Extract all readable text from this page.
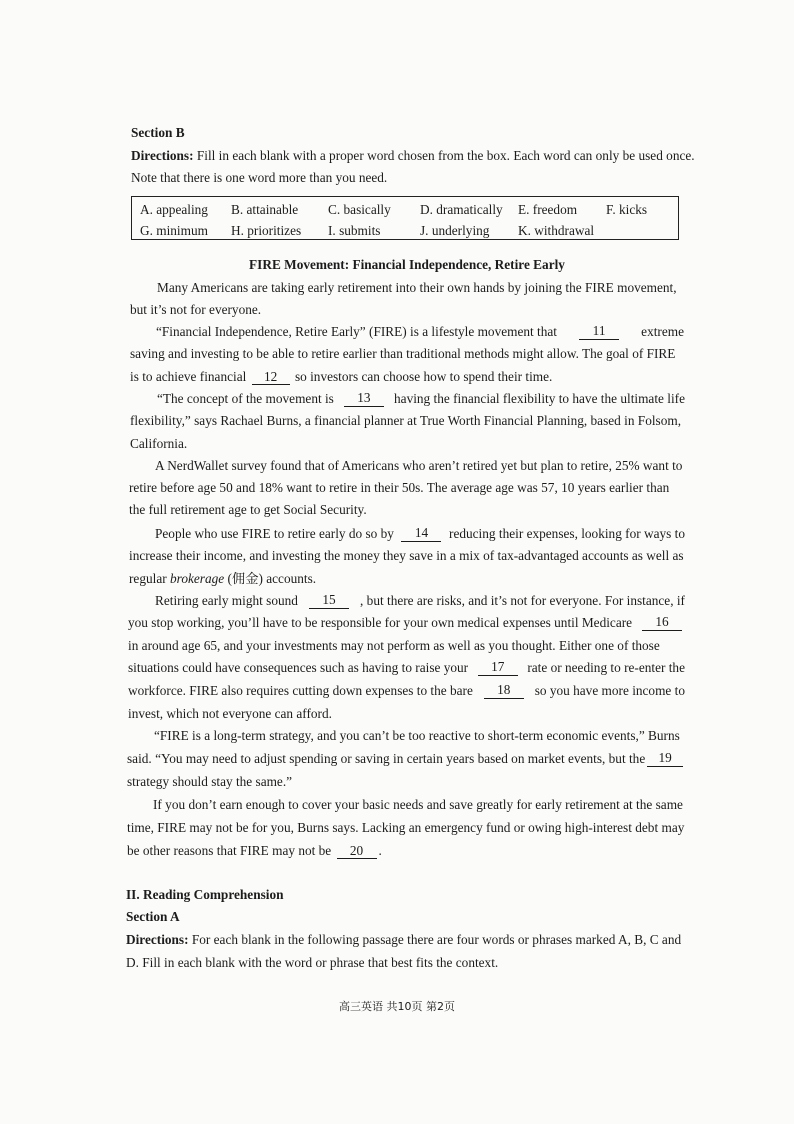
Section B
Directions: Fill in each blank with a proper word chosen from the box. Each word can only be used once.
Note that there is one word more than you need.
A. appealing B. attainable C. basically D. dramatically E. freedom F. kicks
G. minimum H. prioritizes I. submits	J. underlying K. withdrawal
FIRE Movement: Financial Independence, Retire Early
Many Americans are taking early retirement into their own hands by joining the FIRE movement,
but it’s not for everyone.
“Financial Independence, Retire Early” (FIRE) is a lifestyle movement that	11	extreme
saving and investing to be able to retire earlier than traditional methods might allow. The goal of FIRE
is to achieve financial 12 so investors can choose how to spend their time.
“The concept of the movement is	13	having the financial flexibility to have the ultimate life
flexibility,” says Rachael Burns, a financial planner at True Worth Financial Planning, based in Folsom,
California.
A NerdWallet survey found that of Americans who aren’t retired yet but plan to retire, 25% want to
retire before age 50 and 18% want to retire in their 50s. The average age was 57, 10 years earlier than
the full retirement age to get Social Security.
People who use FIRE to retire early do so by	14	reducing their expenses, looking for ways to
increase their income, and investing the money they save in a mix of tax-advantaged accounts as well as
regular brokerage (佣金) accounts.
Retiring early might sound	15	, but there are risks, and it’s not for everyone. For instance, if
you stop working, you’ll have to be responsible for your own medical expenses until Medicare	16
in around age 65, and your investments may not perform as well as you thought. Either one of those
situations could have consequences such as having to raise your	17	rate or needing to re-enter the
workforce. FIRE also requires cutting down expenses to the bare	18	so you have more income to
invest, which not everyone can afford.
“FIRE is a long-term strategy, and you can’t be too reactive to short-term economic events,” Burns
said. “You may need to adjust spending or saving in certain years based on market events, but the 19
strategy should stay the same.”
If you don’t earn enough to cover your basic needs and save greatly for early retirement at the same
time, FIRE may not be for you, Burns says. Lacking an emergency fund or owing high-interest debt may
be other reasons that FIRE may not be 20 .
II. Reading Comprehension
Section A
Directions: For each blank in the following passage there are four words or phrases marked A, B, C and
D. Fill in each blank with the word or phrase that best fits the context.
高三英语 共10页 第2页
